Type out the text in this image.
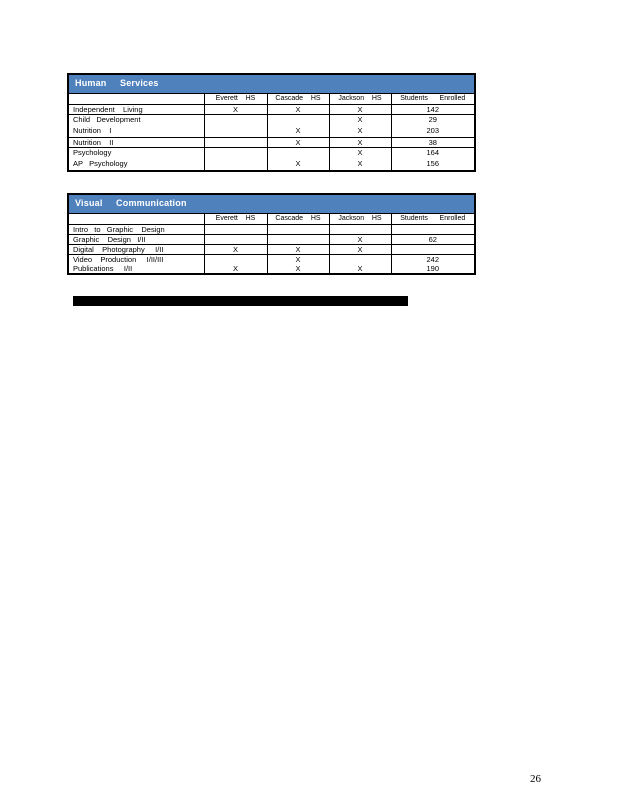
Human     Services
	Everett    HS	Cascade    HS	Jackson    HS	Students      Enrolled
Independent    Living	X	X	X	142
Child   Development			X	29
Nutrition    I		X	X	203
Nutrition    II		X	X	38
Psychology			X	164
AP   Psychology		X	X	156
Visual     Communication
	Everett    HS	Cascade    HS	Jackson    HS	Students      Enrolled
Intro   to   Graphic    Design				
Graphic    Design   I/II			X	62
Digital    Photography     I/II	X	X	X	
Video    Production     I/II/III		X		242
Publications     I/II	X	X	X	190
26
